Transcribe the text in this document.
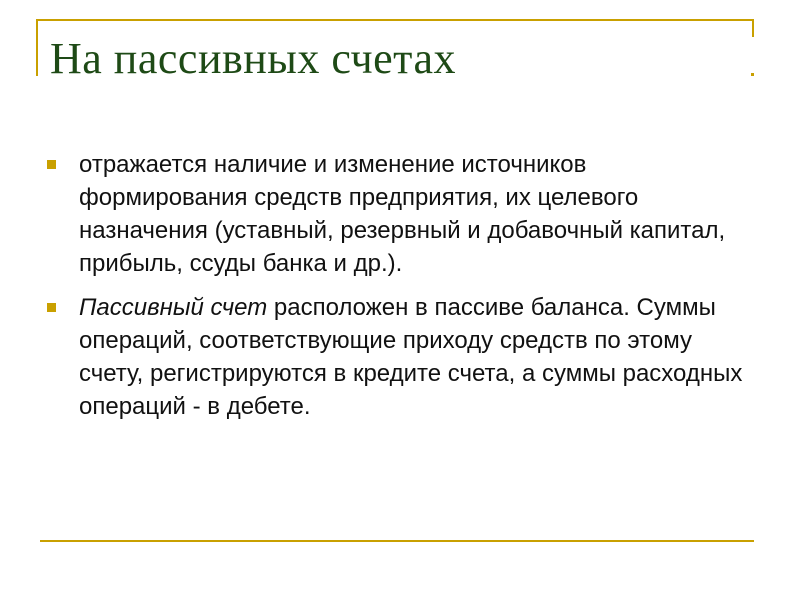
На пассивных счетах
отражается наличие и изменение источников формирования средств предприятия, их целевого назначения (уставный, резервный и добавочный капитал, прибыль, ссуды банка и др.).
Пассивный счет расположен в пассиве баланса. Суммы операций, соответствующие приходу средств по этому счету, регистрируются в кредите счета, а суммы расходных операций - в дебете.
